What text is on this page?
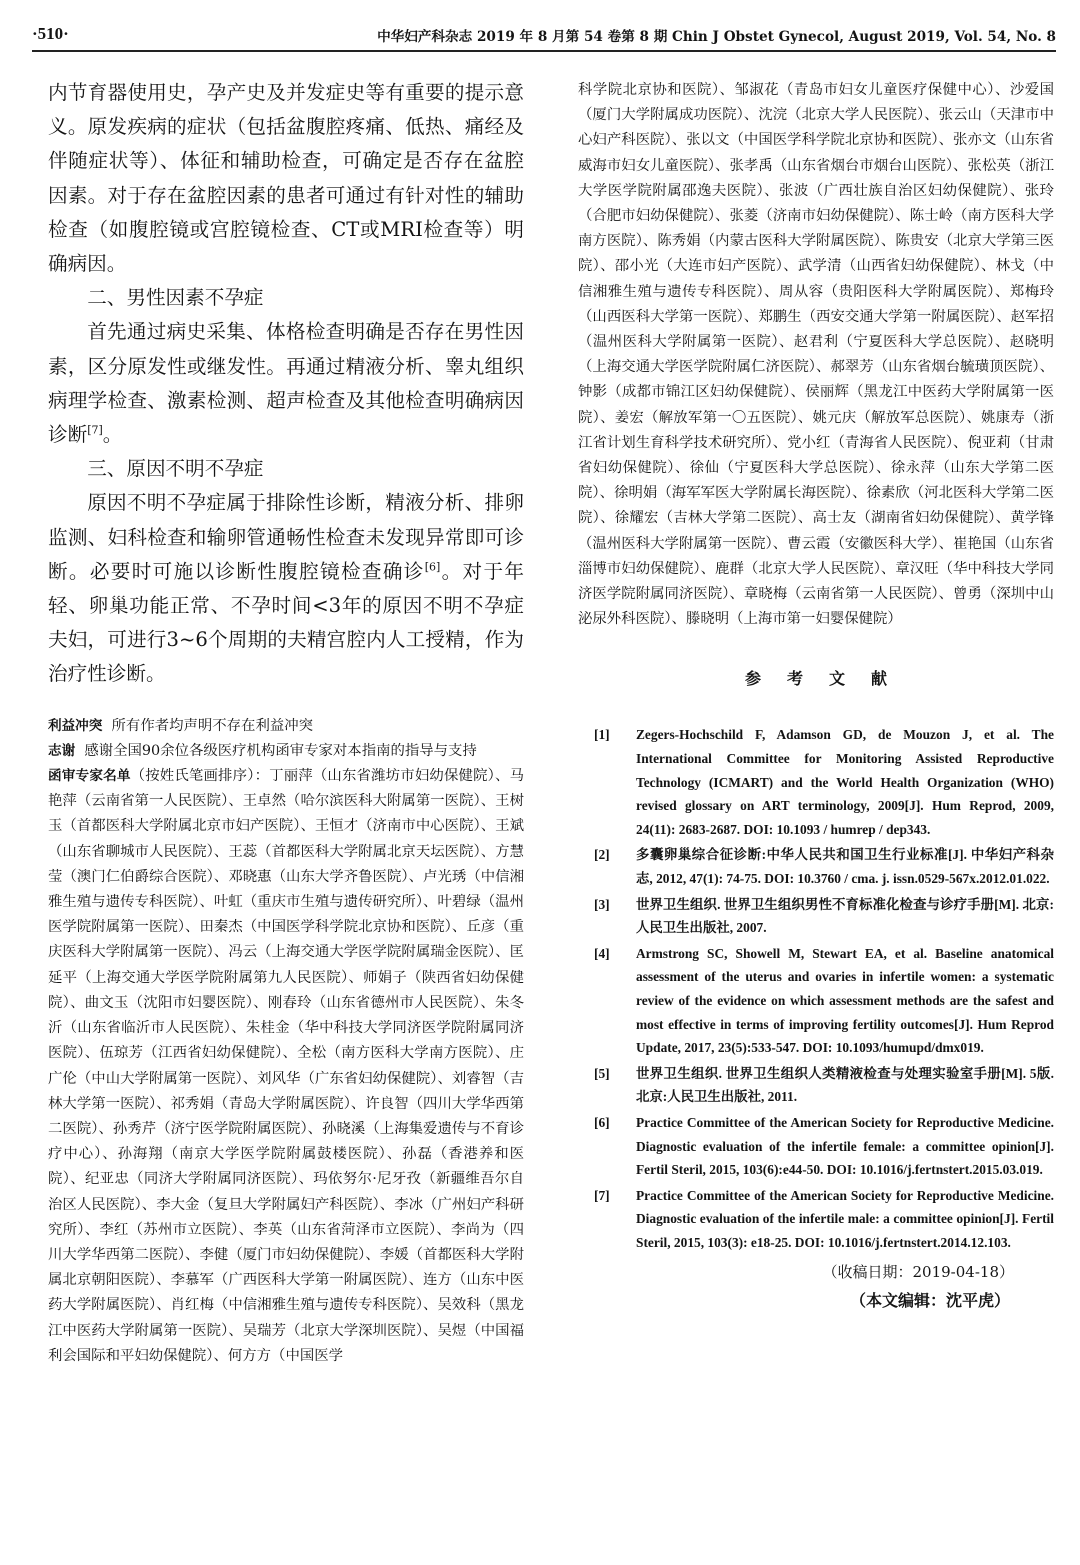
·510·	中华妇产科杂志 2019 年 8 月第 54 卷第 8 期 Chin J Obstet Gynecol, August 2019, Vol. 54, No. 8

内节育器使用史，孕产史及并发症史等有重要的提示意义。原发疾病的症状（包括盆腹腔疼痛、低热、痛经及伴随症状等）、体征和辅助检查，可确定是否存在盆腔因素。对于存在盆腔因素的患者可通过有针对性的辅助检查（如腹腔镜或宫腔镜检查、CT或MRI检查等）明确病因。

二、男性因素不孕症

首先通过病史采集、体格检查明确是否存在男性因素，区分原发性或继发性。再通过精液分析、睾丸组织病理学检查、激素检测、超声检查及其他检查明确病因诊断[7]。

三、原因不明不孕症

原因不明不孕症属于排除性诊断，精液分析、排卵监测、妇科检查和输卵管通畅性检查未发现异常即可诊断。必要时可施以诊断性腹腔镜检查确诊[6]。对于年轻、卵巢功能正常、不孕时间<3年的原因不明不孕症夫妇，可进行3~6个周期的夫精宫腔内人工授精，作为治疗性诊断。

利益冲突 所有作者均声明不存在利益冲突

志谢 感谢全国90余位各级医疗机构函审专家对本指南的指导与支持

函审专家名单（按姓氏笔画排序）：丁丽萍（山东省潍坊市妇幼保健院）、马艳萍（云南省第一人民医院）、王卓然（哈尔滨医科大附属第一医院）、王树玉（首都医科大学附属北京市妇产医院）、王恒才（济南市中心医院）、王斌（山东省聊城市人民医院）、王蕊（首都医科大学附属北京天坛医院）、方慧莹（澳门仁伯爵综合医院）、邓晓惠（山东大学齐鲁医院）、卢光琇（中信湘雅生殖与遗传专科医院）、叶虹（重庆市生殖与遗传研究所）、叶碧绿（温州医学院附属第一医院）、田秦杰（中国医学科学院北京协和医院）、丘彦（重庆医科大学附属第一医院）、冯云（上海交通大学医学院附属瑞金医院）、匡延平（上海交通大学医学院附属第九人民医院）、师娟子（陕西省妇幼保健院）、曲文玉（沈阳市妇婴医院）、刚春玲（山东省德州市人民医院）、朱冬沂（山东省临沂市人民医院）、朱桂金（华中科技大学同济医学院附属同济医院）、伍琼芳（江西省妇幼保健院）、全松（南方医科大学南方医院）、庄广伦（中山大学附属第一医院）、刘风华（广东省妇幼保健院）、刘睿智（吉林大学第一医院）、祁秀娟（青岛大学附属医院）、许良智（四川大学华西第二医院）、孙秀芹（济宁医学院附属医院）、孙晓溪（上海集爱遗传与不育诊疗中心）、孙海翔（南京大学医学院附属鼓楼医院）、孙磊（香港养和医院）、纪亚忠（同济大学附属同济医院）、玛依努尔·尼牙孜（新疆维吾尔自治区人民医院）、李大金（复旦大学附属妇产科医院）、李冰（广州妇产科研究所）、李红（苏州市立医院）、李英（山东省菏泽市立医院）、李尚为（四川大学华西第二医院）、李健（厦门市妇幼保健院）、李媛（首都医科大学附属北京朝阳医院）、李慕军（广西医科大学第一附属医院）、连方（山东中医药大学附属医院）、肖红梅（中信湘雅生殖与遗传专科医院）、吴效科（黑龙江中医药大学附属第一医院）、吴瑞芳（北京大学深圳医院）、吴煜（中国福利会国际和平妇幼保健院）、何方方（中国医学

科学院北京协和医院）、邹淑花（青岛市妇女儿童医疗保健中心）、沙爱国（厦门大学附属成功医院）、沈浣（北京大学人民医院）、张云山（天津市中心妇产科医院）、张以文（中国医学科学院北京协和医院）、张亦文（山东省威海市妇女儿童医院）、张孝禹（山东省烟台市烟台山医院）、张松英（浙江大学医学院附属邵逸夫医院）、张波（广西壮族自治区妇幼保健院）、张玲（合肥市妇幼保健院）、张菱（济南市妇幼保健院）、陈士岭（南方医科大学南方医院）、陈秀娟（内蒙古医科大学附属医院）、陈贵安（北京大学第三医院）、邵小光（大连市妇产医院）、武学清（山西省妇幼保健院）、林戈（中信湘雅生殖与遗传专科医院）、周从容（贵阳医科大学附属医院）、郑梅玲（山西医科大学第一医院）、郑鹏生（西安交通大学第一附属医院）、赵军招（温州医科大学附属第一医院）、赵君利（宁夏医科大学总医院）、赵晓明（上海交通大学医学院附属仁济医院）、郝翠芳（山东省烟台毓璜顶医院）、钟影（成都市锦江区妇幼保健院）、侯丽辉（黑龙江中医药大学附属第一医院）、姜宏（解放军第一〇五医院）、姚元庆（解放军总医院）、姚康寿（浙江省计划生育科学技术研究所）、党小红（青海省人民医院）、倪亚莉（甘肃省妇幼保健院）、徐仙（宁夏医科大学总医院）、徐永萍（山东大学第二医院）、徐明娟（海军军医大学附属长海医院）、徐素欣（河北医科大学第二医院）、徐耀宏（吉林大学第二医院）、高士友（湖南省妇幼保健院）、黄学锋（温州医科大学附属第一医院）、曹云霞（安徽医科大学）、崔艳国（山东省淄博市妇幼保健院）、鹿群（北京大学人民医院）、章汉旺（华中科技大学同济医学院附属同济医院）、章晓梅（云南省第一人民医院）、曾勇（深圳中山泌尿外科医院）、滕晓明（上海市第一妇婴保健院）

参考文献

[1] Zegers-Hochschild F, Adamson GD, de Mouzon J, et al. The International Committee for Monitoring Assisted Reproductive Technology (ICMART) and the World Health Organization (WHO) revised glossary on ART terminology, 2009[J]. Hum Reprod, 2009, 24(11): 2683-2687. DOI: 10.1093 / humrep / dep343.
[2] 多囊卵巢综合征诊断:中华人民共和国卫生行业标准[J]. 中华妇产科杂志, 2012, 47(1): 74-75. DOI: 10.3760 / cma. j. issn.0529-567x.2012.01.022.
[3] 世界卫生组织. 世界卫生组织男性不育标准化检查与诊疗手册[M]. 北京:人民卫生出版社, 2007.
[4] Armstrong SC, Showell M, Stewart EA, et al. Baseline anatomical assessment of the uterus and ovaries in infertile women: a systematic review of the evidence on which assessment methods are the safest and most effective in terms of improving fertility outcomes[J]. Hum Reprod Update, 2017, 23(5):533-547. DOI: 10.1093/humupd/dmx019.
[5] 世界卫生组织. 世界卫生组织人类精液检查与处理实验室手册[M]. 5版. 北京:人民卫生出版社, 2011.
[6] Practice Committee of the American Society for Reproductive Medicine. Diagnostic evaluation of the infertile female: a committee opinion[J]. Fertil Steril, 2015, 103(6):e44-50. DOI: 10.1016/j.fertnstert.2015.03.019.
[7] Practice Committee of the American Society for Reproductive Medicine. Diagnostic evaluation of the infertile male: a committee opinion[J]. Fertil Steril, 2015, 103(3): e18-25. DOI: 10.1016/j.fertnstert.2014.12.103.

（收稿日期：2019-04-18）

（本文编辑：沈平虎）
